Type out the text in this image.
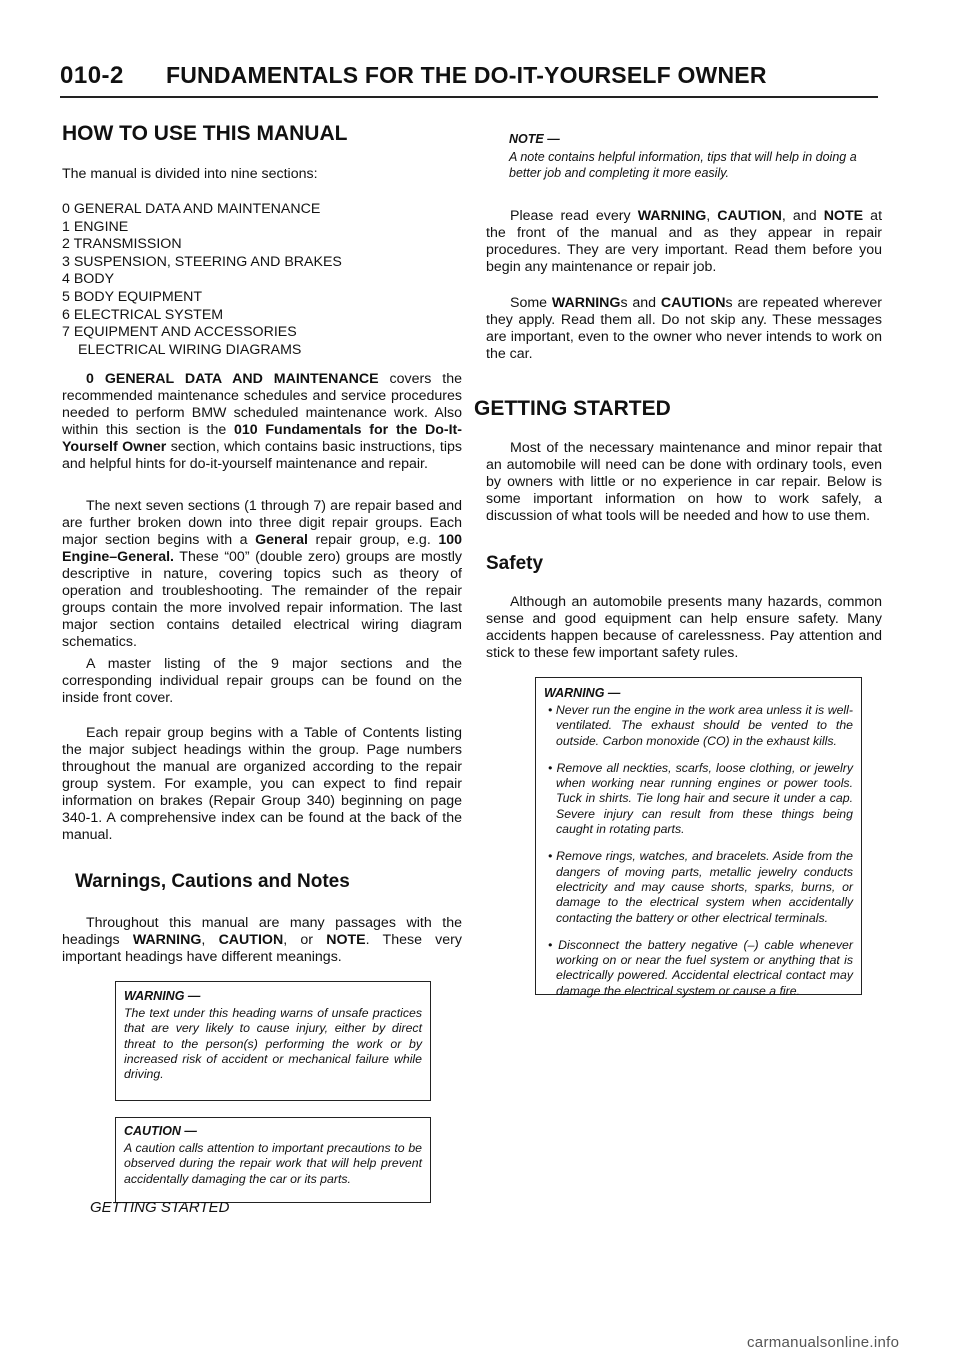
010-2 FUNDAMENTALS FOR THE DO-IT-YOURSELF OWNER
HOW TO USE THIS MANUAL
The manual is divided into nine sections:
0 GENERAL DATA AND MAINTENANCE
1 ENGINE
2 TRANSMISSION
3 SUSPENSION, STEERING AND BRAKES
4 BODY
5 BODY EQUIPMENT
6 ELECTRICAL SYSTEM
7 EQUIPMENT AND ACCESSORIES
ELECTRICAL WIRING DIAGRAMS
0 GENERAL DATA AND MAINTENANCE covers the recommended maintenance schedules and service procedures needed to perform BMW scheduled maintenance work. Also within this section is the 010 Fundamentals for the Do-It-Yourself Owner section, which contains basic instructions, tips and helpful hints for do-it-yourself maintenance and repair.
The next seven sections (1 through 7) are repair based and are further broken down into three digit repair groups. Each major section begins with a General repair group, e.g. 100 Engine–General. These “00” (double zero) groups are mostly descriptive in nature, covering topics such as theory of operation and troubleshooting. The remainder of the repair groups contain the more involved repair information. The last major section contains detailed electrical wiring diagram schematics.
A master listing of the 9 major sections and the corresponding individual repair groups can be found on the inside front cover.
Each repair group begins with a Table of Contents listing the major subject headings within the group. Page numbers throughout the manual are organized according to the repair group system. For example, you can expect to find repair information on brakes (Repair Group 340) beginning on page 340-1. A comprehensive index can be found at the back of the manual.
Warnings, Cautions and Notes
Throughout this manual are many passages with the headings WARNING, CAUTION, or NOTE. These very important headings have different meanings.
WARNING —
The text under this heading warns of unsafe practices that are very likely to cause injury, either by direct threat to the person(s) performing the work or by increased risk of accident or mechanical failure while driving.
CAUTION —
A caution calls attention to important precautions to be observed during the repair work that will help prevent accidentally damaging the car or its parts.
NOTE —
A note contains helpful information, tips that will help in doing a better job and completing it more easily.
Please read every WARNING, CAUTION, and NOTE at the front of the manual and as they appear in repair procedures. They are very important. Read them before you begin any maintenance or repair job.
Some WARNINGs and CAUTIONs are repeated wherever they apply. Read them all. Do not skip any. These messages are important, even to the owner who never intends to work on the car.
GETTING STARTED
Most of the necessary maintenance and minor repair that an automobile will need can be done with ordinary tools, even by owners with little or no experience in car repair. Below is some important information on how to work safely, a discussion of what tools will be needed and how to use them.
Safety
Although an automobile presents many hazards, common sense and good equipment can help ensure safety. Many accidents happen because of carelessness. Pay attention and stick to these few important safety rules.
WARNING —
• Never run the engine in the work area unless it is well-ventilated. The exhaust should be vented to the outside. Carbon monoxide (CO) in the exhaust kills.
• Remove all neckties, scarfs, loose clothing, or jewelry when working near running engines or power tools. Tuck in shirts. Tie long hair and secure it under a cap. Severe injury can result from these things being caught in rotating parts.
• Remove rings, watches, and bracelets. Aside from the dangers of moving parts, metallic jewelry conducts electricity and may cause shorts, sparks, burns, or damage to the electrical system when accidentally contacting the battery or other electrical terminals.
• Disconnect the battery negative (–) cable whenever working on or near the fuel system or anything that is electrically powered. Accidental electrical contact may damage the electrical system or cause a fire.
GETTING STARTED
carmanualsonline.info
